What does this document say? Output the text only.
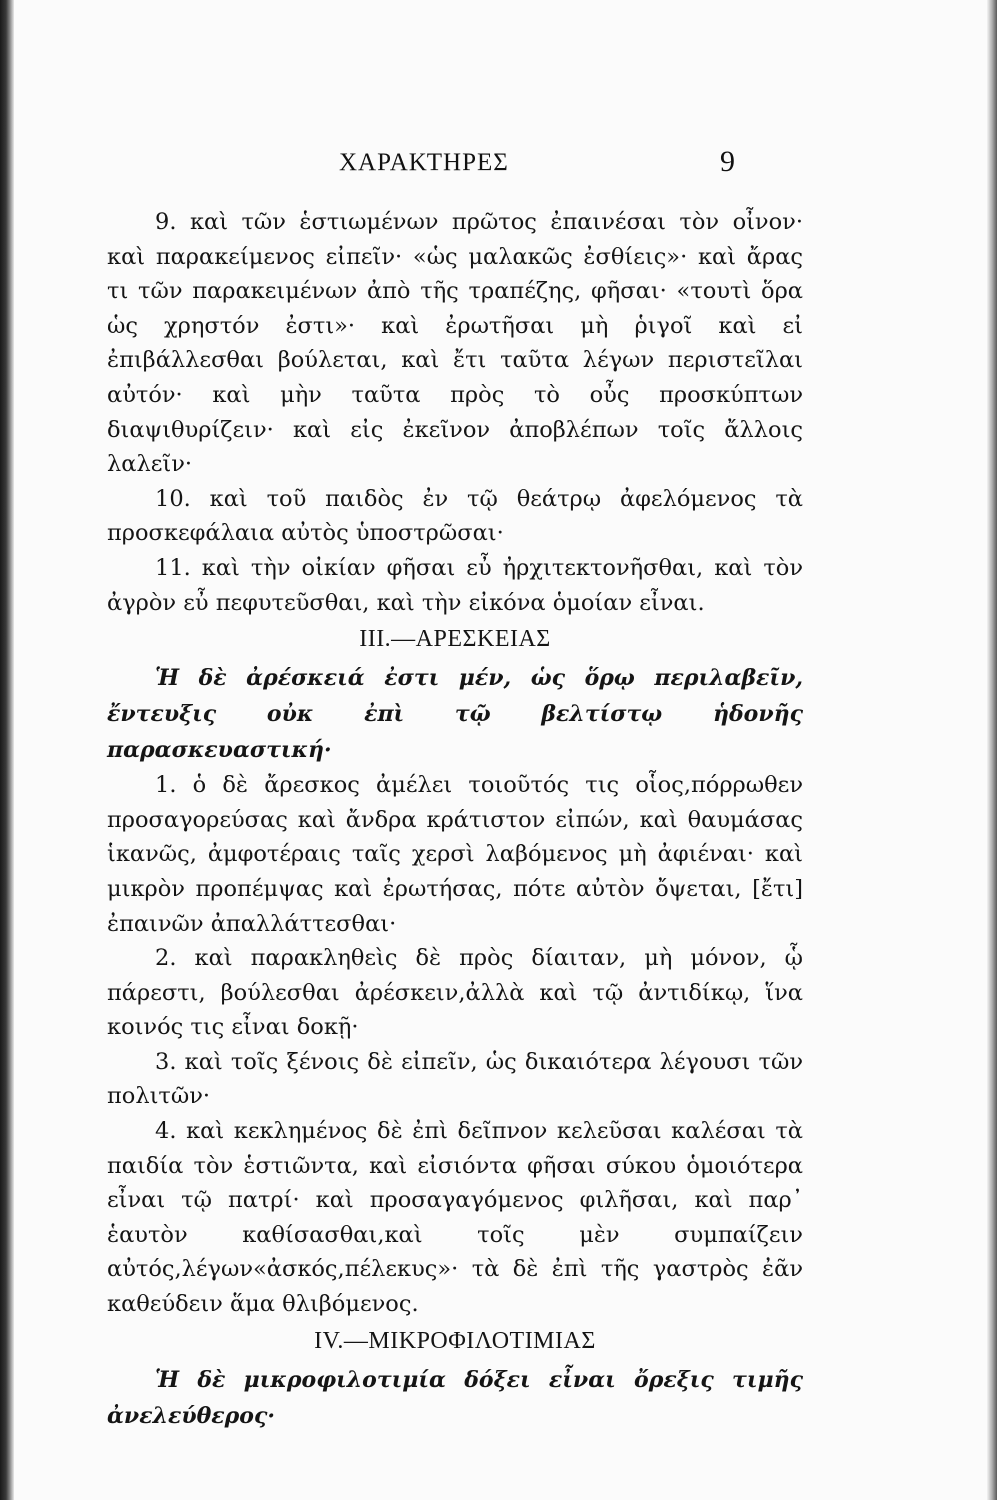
ΧΑΡΑΚΤΗΡΕΣ	9

9. καὶ τῶν ἑστιωμένων πρῶτος ἐπαινέσαι τὸν οἶνον· καὶ παρακείμενος εἰπεῖν· «ὡς μαλακῶς ἐσθίεις»· καὶ ἄρας τι τῶν παρακειμένων ἀπὸ τῆς τραπέζης, φῆσαι· «τουτὶ ὅρα ὡς χρηστόν ἐστι»· καὶ ἐρωτῆσαι μὴ ῥιγοῖ καὶ εἰ ἐπιβάλλεσθαι βούλεται, καὶ ἔτι ταῦτα λέγων περιστεῖλαι αὐτόν· καὶ μὴν ταῦτα πρὸς τὸ οὖς προσκύπτων διαψιθυρίζειν· καὶ εἰς ἐκεῖνον ἀποβλέπων τοῖς ἄλλοις λαλεῖν·

10. καὶ τοῦ παιδὸς ἐν τῷ θεάτρῳ ἀφελόμενος τὰ προσκεφάλαια αὐτὸς ὑποστρῶσαι·

11. καὶ τὴν οἰκίαν φῆσαι εὖ ἠρχιτεκτονῆσθαι, καὶ τὸν ἀγρὸν εὖ πεφυτεῦσθαι, καὶ τὴν εἰκόνα ὁμοίαν εἶναι.

III.—ΑΡΕΣΚΕΙΑΣ

Ἡ δὲ ἀρέσκειά ἐστι μέν, ὡς ὅρῳ περιλαβεῖν, ἔντευξις οὐκ ἐπὶ τῷ βελτίστῳ ἡδονῆς παρασκευαστική·

1. ὁ δὲ ἄρεσκος ἀμέλει τοιοῦτός τις οἷος,πόρρωθεν προσαγορεύσας καὶ ἄνδρα κράτιστον εἰπών, καὶ θαυμάσας ἱκανῶς, ἀμφοτέραις ταῖς χερσὶ λαβόμενος μὴ ἀφιέναι· καὶ μικρὸν προπέμψας καὶ ἐρωτήσας, πότε αὐτὸν ὄψεται, [ἔτι] ἐπαινῶν ἀπαλλάττεσθαι·

2. καὶ παρακληθεὶς δὲ πρὸς δίαιταν, μὴ μόνον, ᾧ πάρεστι, βούλεσθαι ἀρέσκειν,ἀλλὰ καὶ τῷ ἀντιδίκῳ, ἵνα κοινός τις εἶναι δοκῇ·

3. καὶ τοῖς ξένοις δὲ εἰπεῖν, ὡς δικαιότερα λέγουσι τῶν πολιτῶν·

4. καὶ κεκλημένος δὲ ἐπὶ δεῖπνον κελεῦσαι καλέσαι τὰ παιδία τὸν ἑστιῶντα, καὶ εἰσιόντα φῆσαι σύκου ὁμοιότερα εἶναι τῷ πατρί· καὶ προσαγαγόμενος φιλῆσαι, καὶ παρ᾽ ἑαυτὸν καθίσασθαι,καὶ τοῖς μὲν συμπαίζειν αὐτός,λέγων«ἀσκός,πέλεκυς»· τὰ δὲ ἐπὶ τῆς γαστρὸς ἐᾶν καθεύδειν ἅμα θλιβόμενος.

IV.—ΜΙΚΡΟΦΙΛΟΤΙΜΙΑΣ

Ἡ δὲ μικροφιλοτιμία δόξει εἶναι ὄρεξις τιμῆς ἀνελεύθερος·
